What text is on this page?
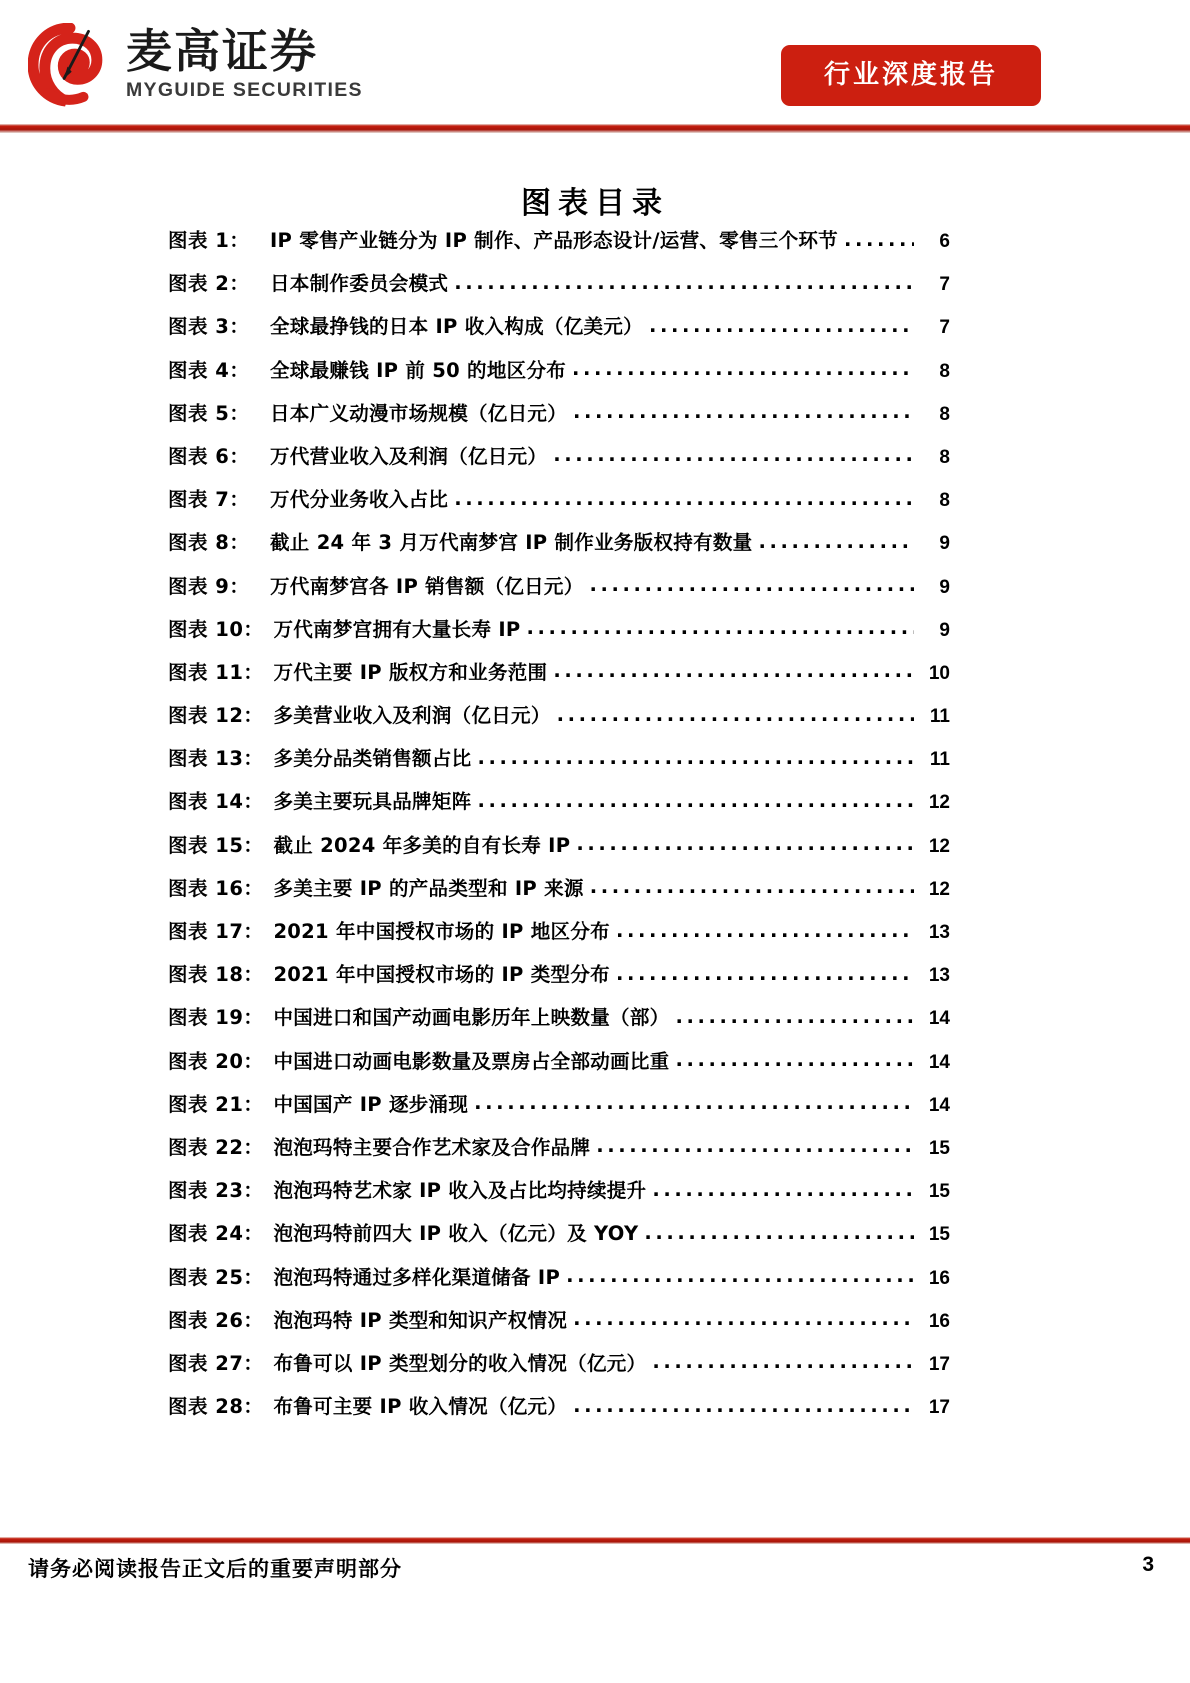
麦高证券
MYGUIDE SECURITIES
行业深度报告
图表目录
图表 1：	IP 零售产业链分为 IP 制作、产品形态设计/运营、零售三个环节 .....	6
图表 2：	日本制作委员会模式 .....	7
图表 3：	全球最挣钱的日本 IP 收入构成（亿美元） .....	7
图表 4：	全球最赚钱 IP 前 50 的地区分布 .....	8
图表 5：	日本广义动漫市场规模（亿日元） .....	8
图表 6：	万代营业收入及利润（亿日元） .....	8
图表 7：	万代分业务收入占比 .....	8
图表 8：	截止 24 年 3 月万代南梦宫 IP 制作业务版权持有数量 .....	9
图表 9：	万代南梦宫各 IP 销售额（亿日元） .....	9
图表 10： 万代南梦宫拥有大量长寿 IP .....	9
图表 11： 万代主要 IP 版权方和业务范围 .....	10
图表 12： 多美营业收入及利润（亿日元） .....	11
图表 13： 多美分品类销售额占比 .....	11
图表 14： 多美主要玩具品牌矩阵 .....	12
图表 15： 截止 2024 年多美的自有长寿 IP .....	12
图表 16： 多美主要 IP 的产品类型和 IP 来源 .....	12
图表 17： 2021 年中国授权市场的 IP 地区分布 .....	13
图表 18： 2021 年中国授权市场的 IP 类型分布 .....	13
图表 19： 中国进口和国产动画电影历年上映数量（部） .....	14
图表 20： 中国进口动画电影数量及票房占全部动画比重 .....	14
图表 21： 中国国产 IP 逐步涌现 .....	14
图表 22： 泡泡玛特主要合作艺术家及合作品牌 .....	15
图表 23： 泡泡玛特艺术家 IP 收入及占比均持续提升 .....	15
图表 24： 泡泡玛特前四大 IP 收入（亿元）及 YOY .....	15
图表 25： 泡泡玛特通过多样化渠道储备 IP .....	16
图表 26： 泡泡玛特 IP 类型和知识产权情况 .....	16
图表 27： 布鲁可以 IP 类型划分的收入情况（亿元） .....	17
图表 28： 布鲁可主要 IP 收入情况（亿元） .....	17
请务必阅读报告正文后的重要声明部分	3
